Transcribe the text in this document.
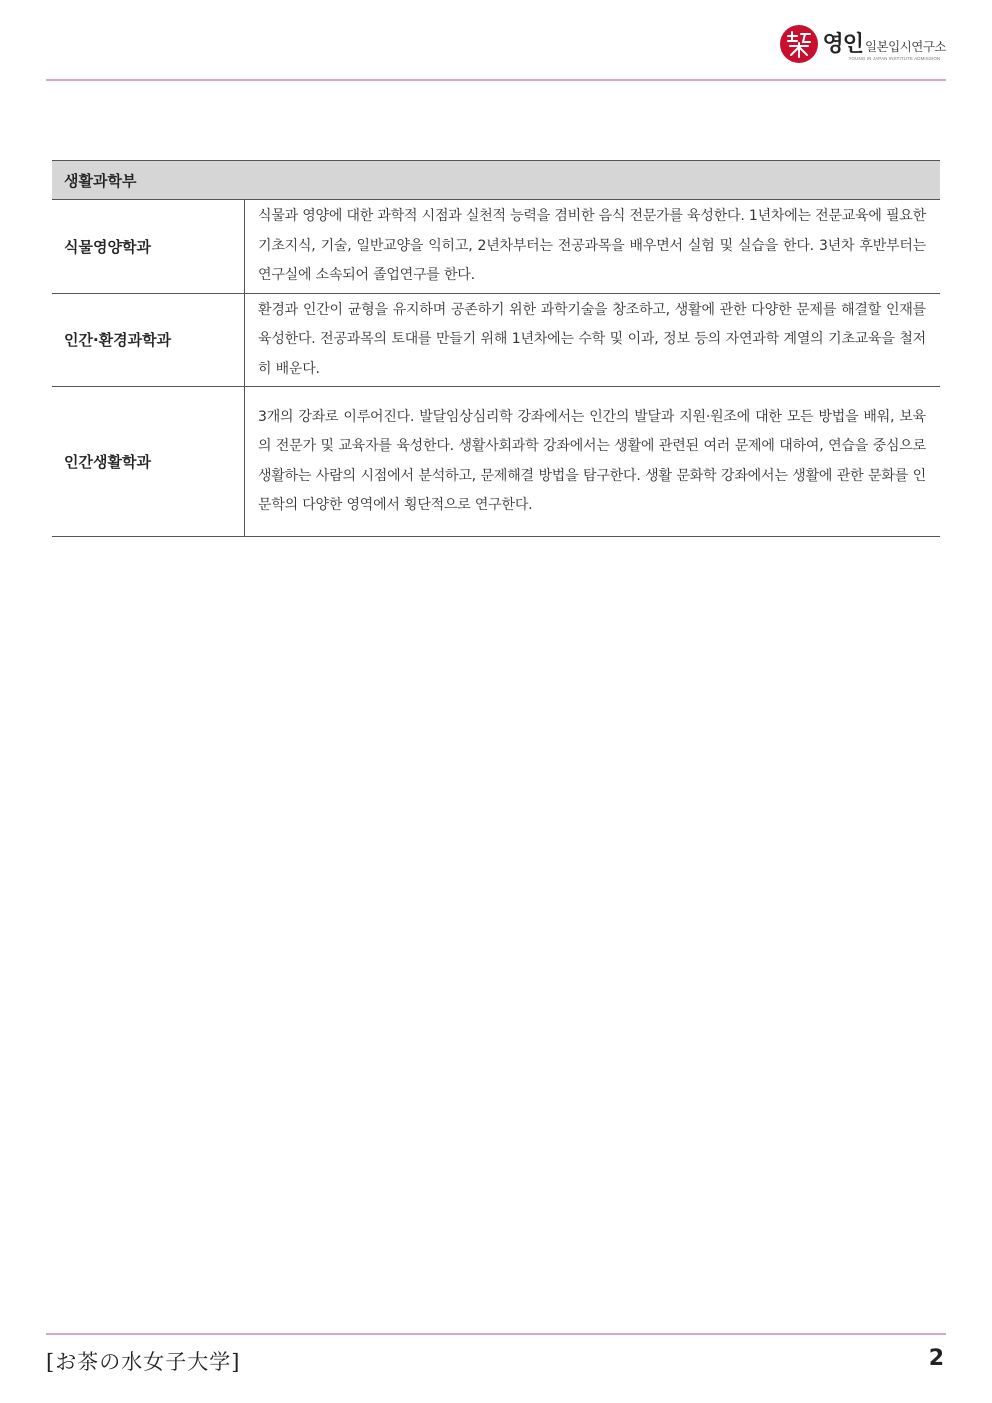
영인 일본입시연구소
YOUNG IN JAPAN INSTITUTE ADMISSION
생활과학부	
식물영양학과	식물과 영양에 대한 과학적 시점과 실천적 능력을 겸비한 음식 전문가를 육성한다. 1년차에는 전문교육에 필요한 기초지식, 기술, 일반교양을 익히고, 2년차부터는 전공과목을 배우면서 실험 및 실습을 한다. 3년차 후반부터는 연구실에 소속되어 졸업연구를 한다.
인간·환경과학과	환경과 인간이 균형을 유지하며 공존하기 위한 과학기술을 창조하고, 생활에 관한 다양한 문제를 해결할 인재를 육성한다. 전공과목의 토대를 만들기 위해 1년차에는 수학 및 이과, 정보 등의 자연과학 계열의 기초교육을 철저히 배운다.
인간생활학과	3개의 강좌로 이루어진다. 발달임상심리학 강좌에서는 인간의 발달과 지원·원조에 대한 모든 방법을 배워, 보육의 전문가 및 교육자를 육성한다. 생활사회과학 강좌에서는 생활에 관련된 여러 문제에 대하여, 연습을 중심으로 생활하는 사람의 시점에서 분석하고, 문제해결 방법을 탐구한다. 생활 문화학 강좌에서는 생활에 관한 문화를 인문학의 다양한 영역에서 횡단적으로 연구한다.
[お茶の水女子大学]	2
